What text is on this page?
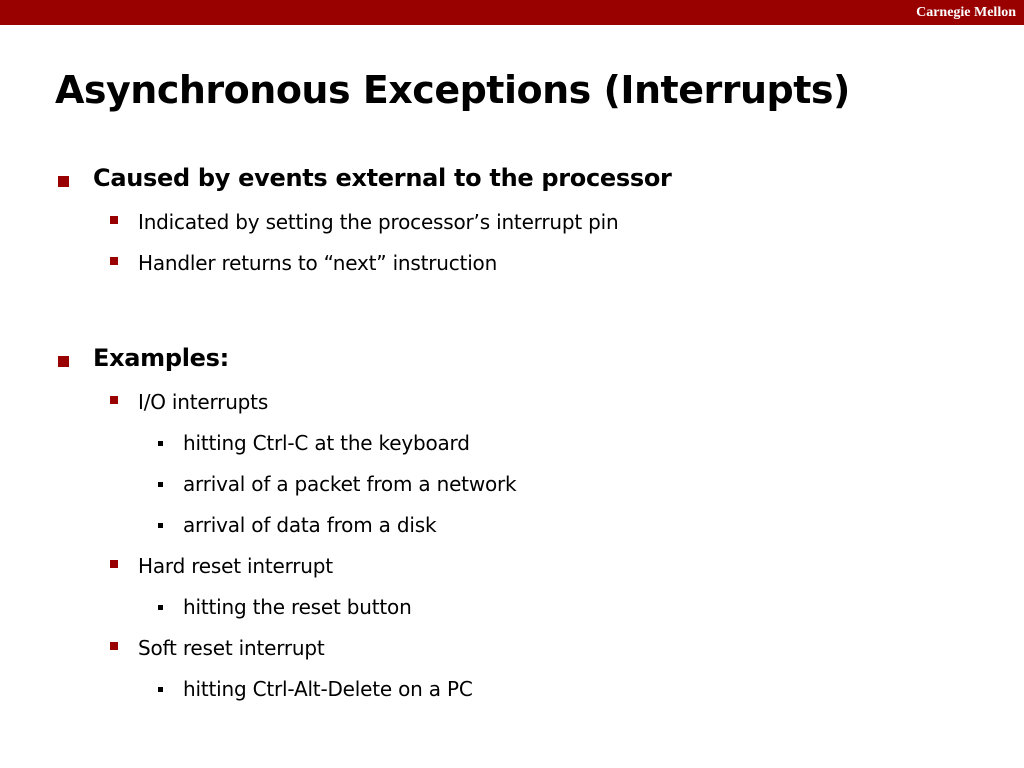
Carnegie Mellon
Asynchronous Exceptions (Interrupts)
Caused by events external to the processor
Indicated by setting the processor’s interrupt pin
Handler returns to “next” instruction
Examples:
I/O interrupts
hitting Ctrl-C at the keyboard
arrival of a packet from a network
arrival of data from a disk
Hard reset interrupt
hitting the reset button
Soft reset interrupt
hitting Ctrl-Alt-Delete on a PC
